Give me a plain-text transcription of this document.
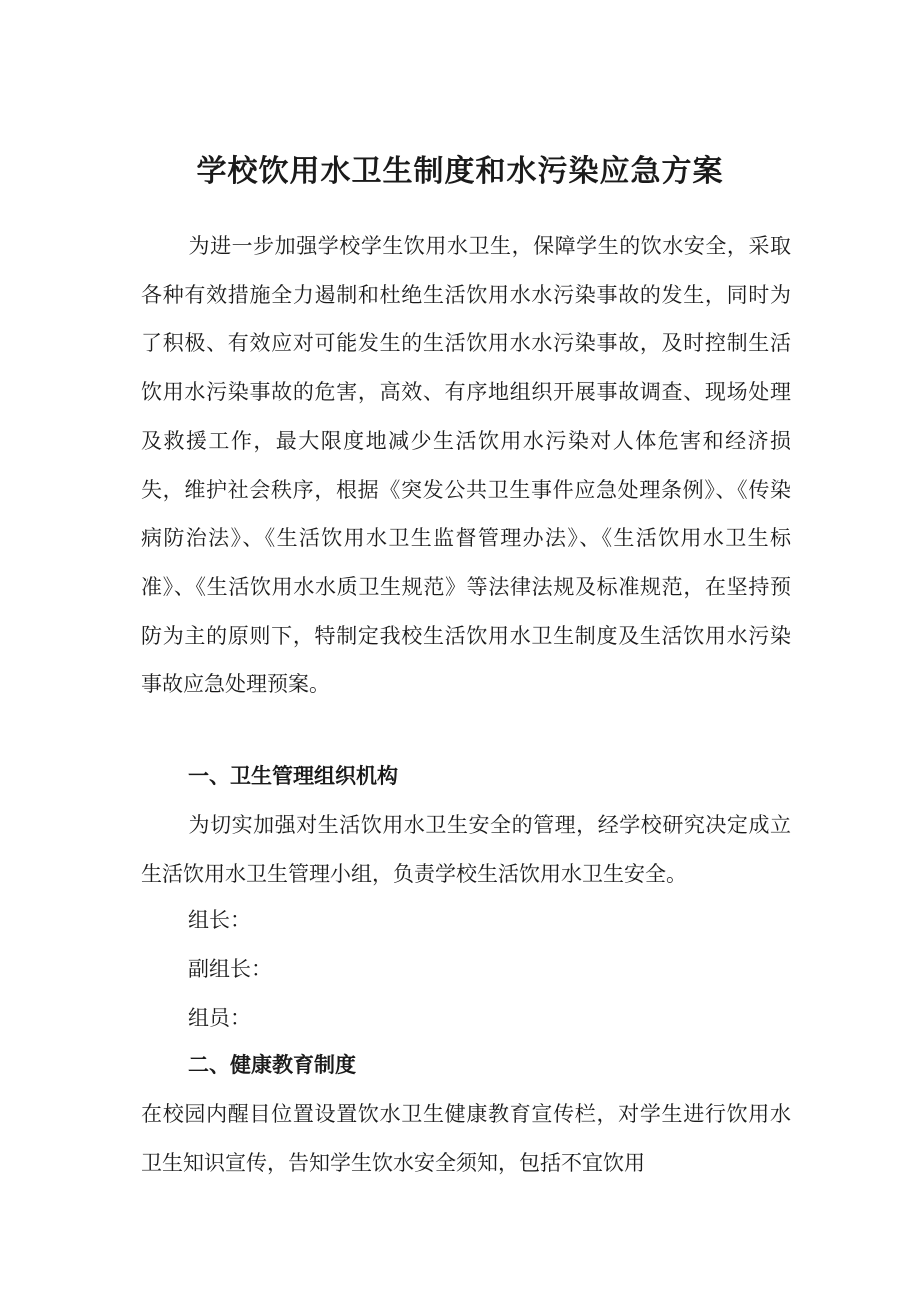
学校饮用水卫生制度和水污染应急方案

为进一步加强学校学生饮用水卫生，保障学生的饮水安全，采取各种有效措施全力遏制和杜绝生活饮用水水污染事故的发生，同时为了积极、有效应对可能发生的生活饮用水水污染事故，及时控制生活饮用水污染事故的危害，高效、有序地组织开展事故调查、现场处理及救援工作，最大限度地减少生活饮用水污染对人体危害和经济损失，维护社会秩序，根据《突发公共卫生事件应急处理条例》、《传染病防治法》、《生活饮用水卫生监督管理办法》、《生活饮用水卫生标准》、《生活饮用水水质卫生规范》等法律法规及标准规范，在坚持预防为主的原则下，特制定我校生活饮用水卫生制度及生活饮用水污染事故应急处理预案。

一、卫生管理组织机构

为切实加强对生活饮用水卫生安全的管理，经学校研究决定成立生活饮用水卫生管理小组，负责学校生活饮用水卫生安全。

组长：

副组长：

组员：

二、健康教育制度

在校园内醒目位置设置饮水卫生健康教育宣传栏，对学生进行饮用水卫生知识宣传，告知学生饮水安全须知，包括不宜饮用
